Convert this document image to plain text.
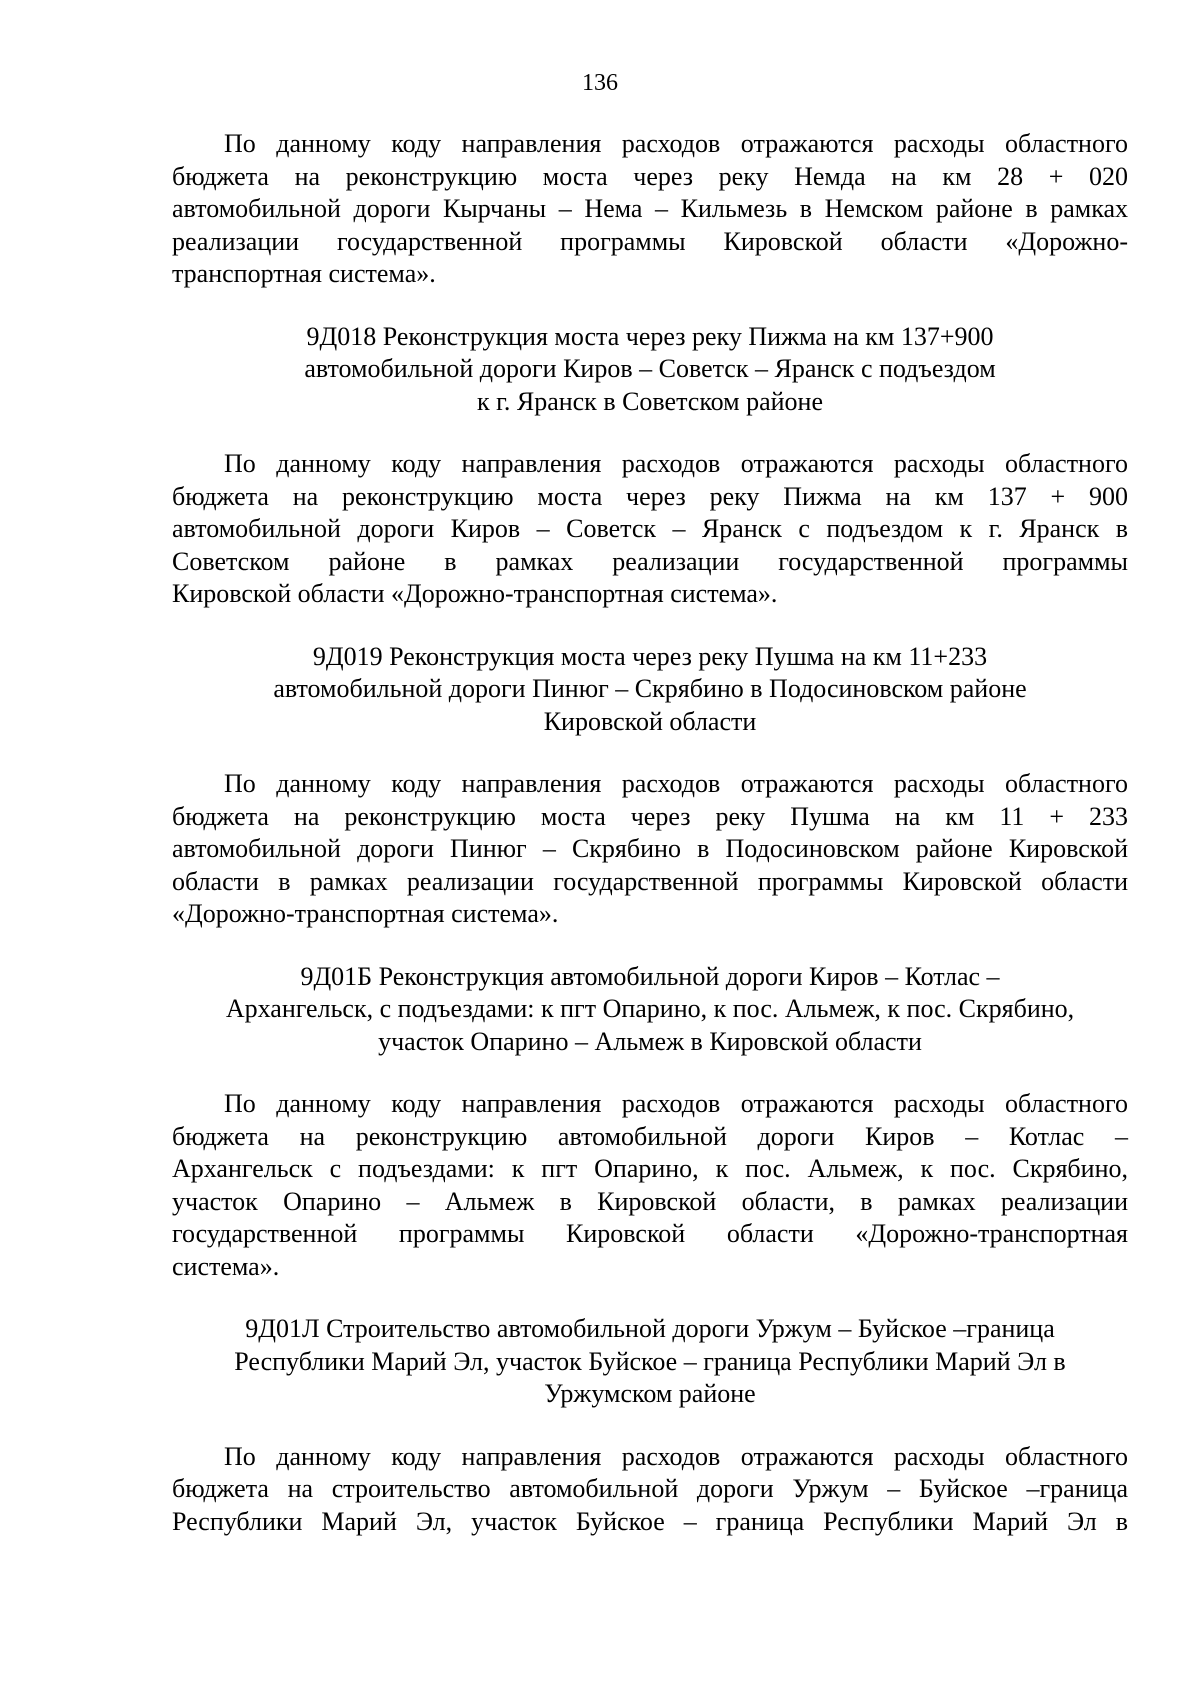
136
По данному коду направления расходов отражаются расходы областного
бюджета на реконструкцию моста через реку Немда на км 28 + 020
автомобильной дороги Кырчаны – Нема – Кильмезь в Немском районе в рамках
реализации государственной программы Кировской области «Дорожно-
транспортная система».
9Д018 Реконструкция моста через реку Пижма на км 137+900
автомобильной дороги Киров – Советск – Яранск с подъездом
к г. Яранск в Советском районе
По данному коду направления расходов отражаются расходы областного
бюджета на реконструкцию моста через реку Пижма на км 137 + 900
автомобильной дороги Киров – Советск – Яранск с подъездом к г. Яранск в
Советском районе в рамках реализации государственной программы
Кировской области «Дорожно-транспортная система».
9Д019 Реконструкция моста через реку Пушма на км 11+233
автомобильной дороги Пинюг – Скрябино в Подосиновском районе
Кировской области
По данному коду направления расходов отражаются расходы областного
бюджета на реконструкцию моста через реку Пушма на км 11 + 233
автомобильной дороги Пинюг – Скрябино в Подосиновском районе Кировской
области в рамках реализации государственной программы Кировской области
«Дорожно-транспортная система».
9Д01Б Реконструкция автомобильной дороги Киров – Котлас –
Архангельск, с подъездами: к пгт Опарино, к пос. Альмеж, к пос. Скрябино,
участок Опарино – Альмеж в Кировской области
По данному коду направления расходов отражаются расходы областного
бюджета на реконструкцию автомобильной дороги Киров – Котлас –
Архангельск с подъездами: к пгт Опарино, к пос. Альмеж, к пос. Скрябино,
участок Опарино – Альмеж в Кировской области, в рамках реализации
государственной программы Кировской области «Дорожно-транспортная
система».
9Д01Л Строительство автомобильной дороги Уржум – Буйское –граница
Республики Марий Эл, участок Буйское – граница Республики Марий Эл в
Уржумском районе
По данному коду направления расходов отражаются расходы областного
бюджета на строительство автомобильной дороги Уржум – Буйское –граница
Республики Марий Эл, участок Буйское – граница Республики Марий Эл в
